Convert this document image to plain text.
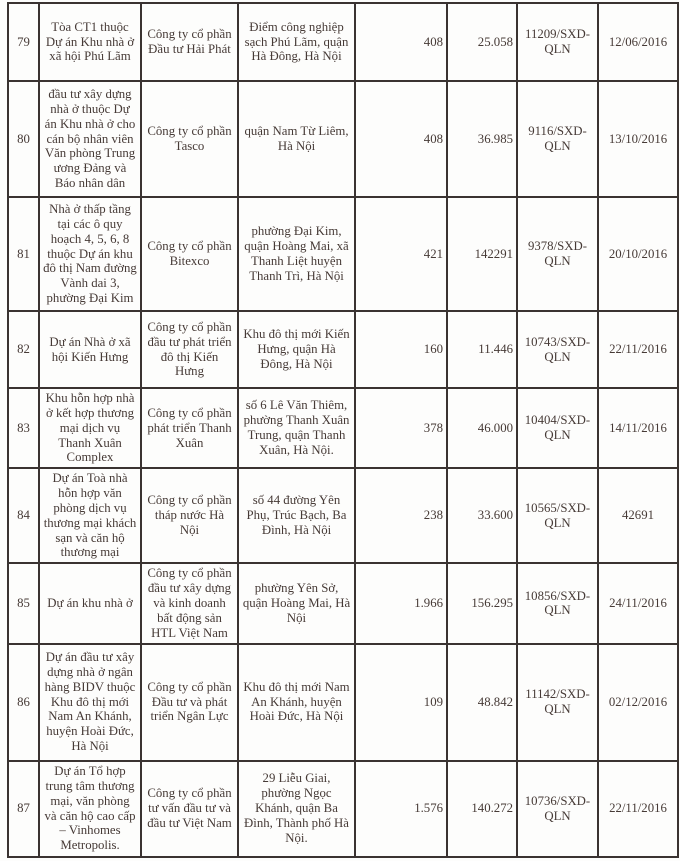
79	Tòa CT1 thuộc Dự án Khu nhà ở xã hội Phú Lãm	Công ty cổ phần Đầu tư Hải Phát	Điểm công nghiệp sạch Phú Lãm, quận Hà Đông, Hà Nội	408	25.058	11209/SXD-QLN	12/06/2016
80	đầu tư xây dựng nhà ở thuộc Dự án Khu nhà ở cho cán bộ nhân viên Văn phòng Trung ương Đảng và Báo nhân dân	Công ty cổ phần Tasco	quận Nam Từ Liêm, Hà Nội	408	36.985	9116/SXD-QLN	13/10/2016
81	Nhà ở thấp tầng tại các ô quy hoạch 4, 5, 6, 8 thuộc Dự án khu đô thị Nam đường Vành dai 3, phường Đại Kim	Công ty cổ phần Bitexco	phường Đại Kim, quận Hoàng Mai, xã Thanh Liệt huyện Thanh Trì, Hà Nội	421	142291	9378/SXD-QLN	20/10/2016
82	Dự án Nhà ở xã hội Kiến Hưng	Công ty cổ phần đầu tư phát triển đô thị Kiến Hưng	Khu đô thị mới Kiến Hưng, quận Hà Đông, Hà Nội	160	11.446	10743/SXD-QLN	22/11/2016
83	Khu hỗn hợp nhà ở kết hợp thương mại dịch vụ Thanh Xuân Complex	Công ty cổ phần phát triển Thanh Xuân	số 6 Lê Văn Thiêm, phường Thanh Xuân Trung, quận Thanh Xuân, Hà Nội.	378	46.000	10404/SXD-QLN	14/11/2016
84	Dự án Toà nhà hỗn hợp văn phòng dịch vụ thương mại khách sạn và căn hộ thương mại	Công ty cổ phần tháp nước Hà Nội	số 44 đường Yên Phụ, Trúc Bạch, Ba Đình, Hà Nội	238	33.600	10565/SXD-QLN	42691
85	Dự án khu nhà ở	Công ty cổ phần đầu tư xây dựng và kinh doanh bất động sản HTL Việt Nam	phường Yên Sở, quận Hoàng Mai, Hà Nội	1.966	156.295	10856/SXD-QLN	24/11/2016
86	Dự án đầu tư xây dựng nhà ở ngân hàng BIDV thuộc Khu đô thị mới Nam An Khánh, huyện Hoài Đức, Hà Nội	Công ty cổ phần Đầu tư và phát triển Ngân Lực	Khu đô thị mới Nam An Khánh, huyện Hoài Đức, Hà Nội	109	48.842	11142/SXD-QLN	02/12/2016
87	Dự án Tổ hợp trung tâm thương mại, văn phòng và căn hộ cao cấp – Vinhomes Metropolis.	Công ty cổ phần tư vấn đầu tư và đầu tư Việt Nam	29 Liễu Giai, phường Ngọc Khánh, quận Ba Đình, Thành phố Hà Nội.	1.576	140.272	10736/SXD-QLN	22/11/2016
